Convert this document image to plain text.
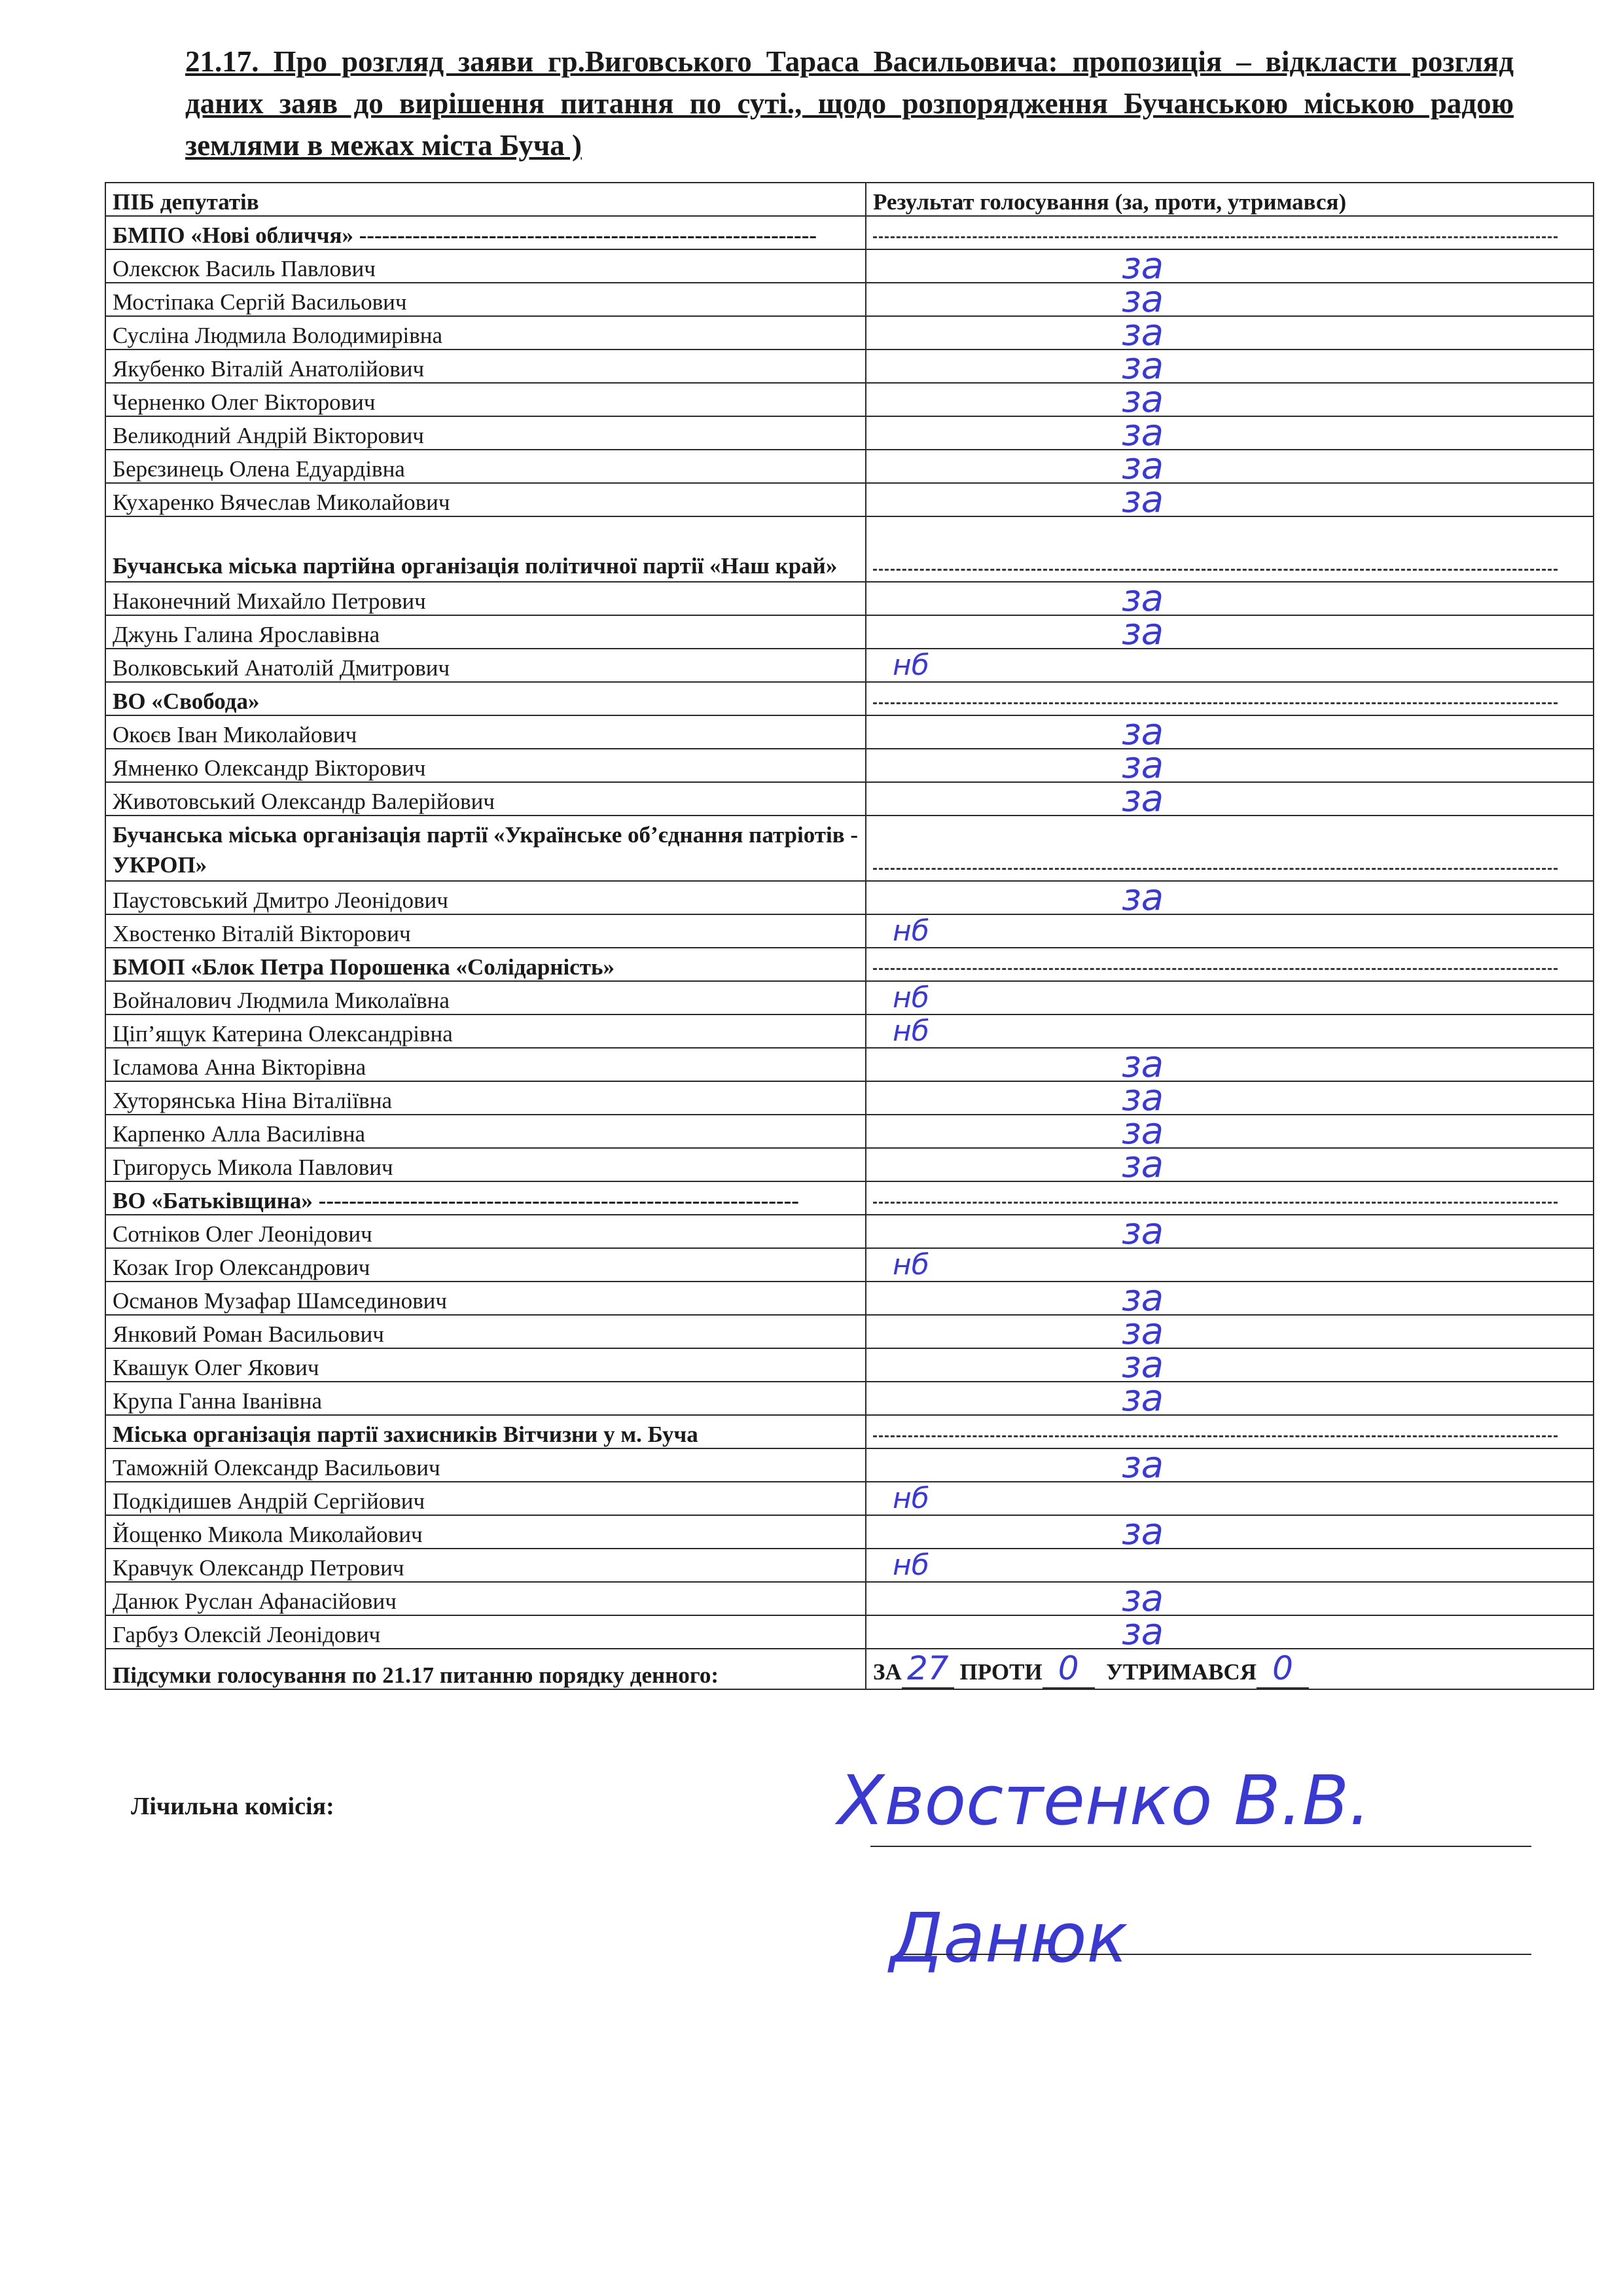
21.17. Про розгляд заяви гр.Виговського Тараса Васильовича: пропозиція – відкласти розгляд даних заяв до вирішення питання по суті., щодо розпорядження Бучанською міською радою землями в межах міста Буча )

ПІБ депутатів	Результат голосування (за, проти, утримався)
БМПО «Нові обличчя» ------------------------------------------------------------	

Олексюк Василь Павлович	за

Мостіпака Сергій Васильович	за

Сусліна Людмила Володимирівна	за

Якубенко Віталій Анатолійович	за

Черненко Олег Вікторович	за

Великодний Андрій Вікторович	за

Берєзинець Олена Едуардівна	за

Кухаренко Вячеслав Миколайович	за

Бучанська міська партійна організація політичної партії «Наш край»	

Наконечний Михайло Петрович	за

Джунь Галина Ярославівна	за

Волковський Анатолій Дмитрович	нб

ВО «Свобода»	

Окоєв Іван Миколайович	за

Ямненко Олександр Вікторович	за

Животовський Олександр Валерійович	за

Бучанська міська організація партії «Українське об’єднання патріотів - УКРОП»	

Паустовський Дмитро Леонідович	за

Хвостенко Віталій Вікторович	нб

БМОП «Блок Петра Порошенка «Солідарність»	

Войналович Людмила Миколаївна	нб

Ціп’ящук Катерина Олександрівна	нб

Ісламова Анна Вікторівна	за

Хуторянська Ніна Віталіївна	за

Карпенко Алла Василівна	за

Григорусь Микола Павлович	за

ВО «Батьківщина» ---------------------------------------------------------------	

Сотніков Олег Леонідович	за

Козак Ігор Олександрович	нб

Османов Музафар Шамсединович	за

Янковий Роман Васильович	за

Квашук Олег Якович	за

Крупа Ганна Іванівна	за

Міська організація партії захисників Вітчизни у м. Буча	

Таможній Олександр Васильович	за

Подкідишев Андрій Сергійович	нб

Йощенко Микола Миколайович	за

Кравчук Олександр Петрович	нб

Данюк Руслан Афанасійович	за

Гарбуз Олексій Леонідович	за

Підсумки голосування по 21.17 питанню порядку денного:	ЗА 27 ПРОТИ 0 УТРИМАВСЯ 0
Лічильна комісія:	Хвостенко В.В.
Данюк
